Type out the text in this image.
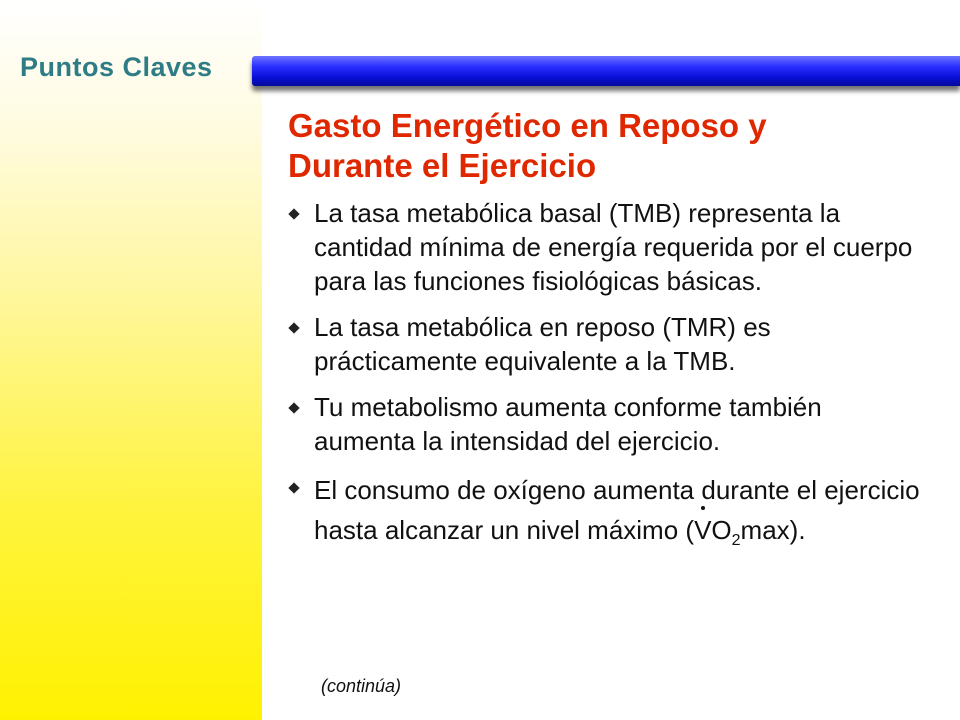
Puntos Claves
Gasto Energético en Reposo y
Durante el Ejercicio
La tasa metabólica basal (TMB) representa la cantidad mínima de energía requerida por el cuerpo para las funciones fisiológicas básicas.
La tasa metabólica en reposo (TMR) es prácticamente equivalente a la TMB.
Tu metabolismo aumenta conforme también aumenta la intensidad del ejercicio.
El consumo de oxígeno aumenta durante el ejercicio hasta alcanzar un nivel máximo $(VO_2\max)$.
(continúa)
